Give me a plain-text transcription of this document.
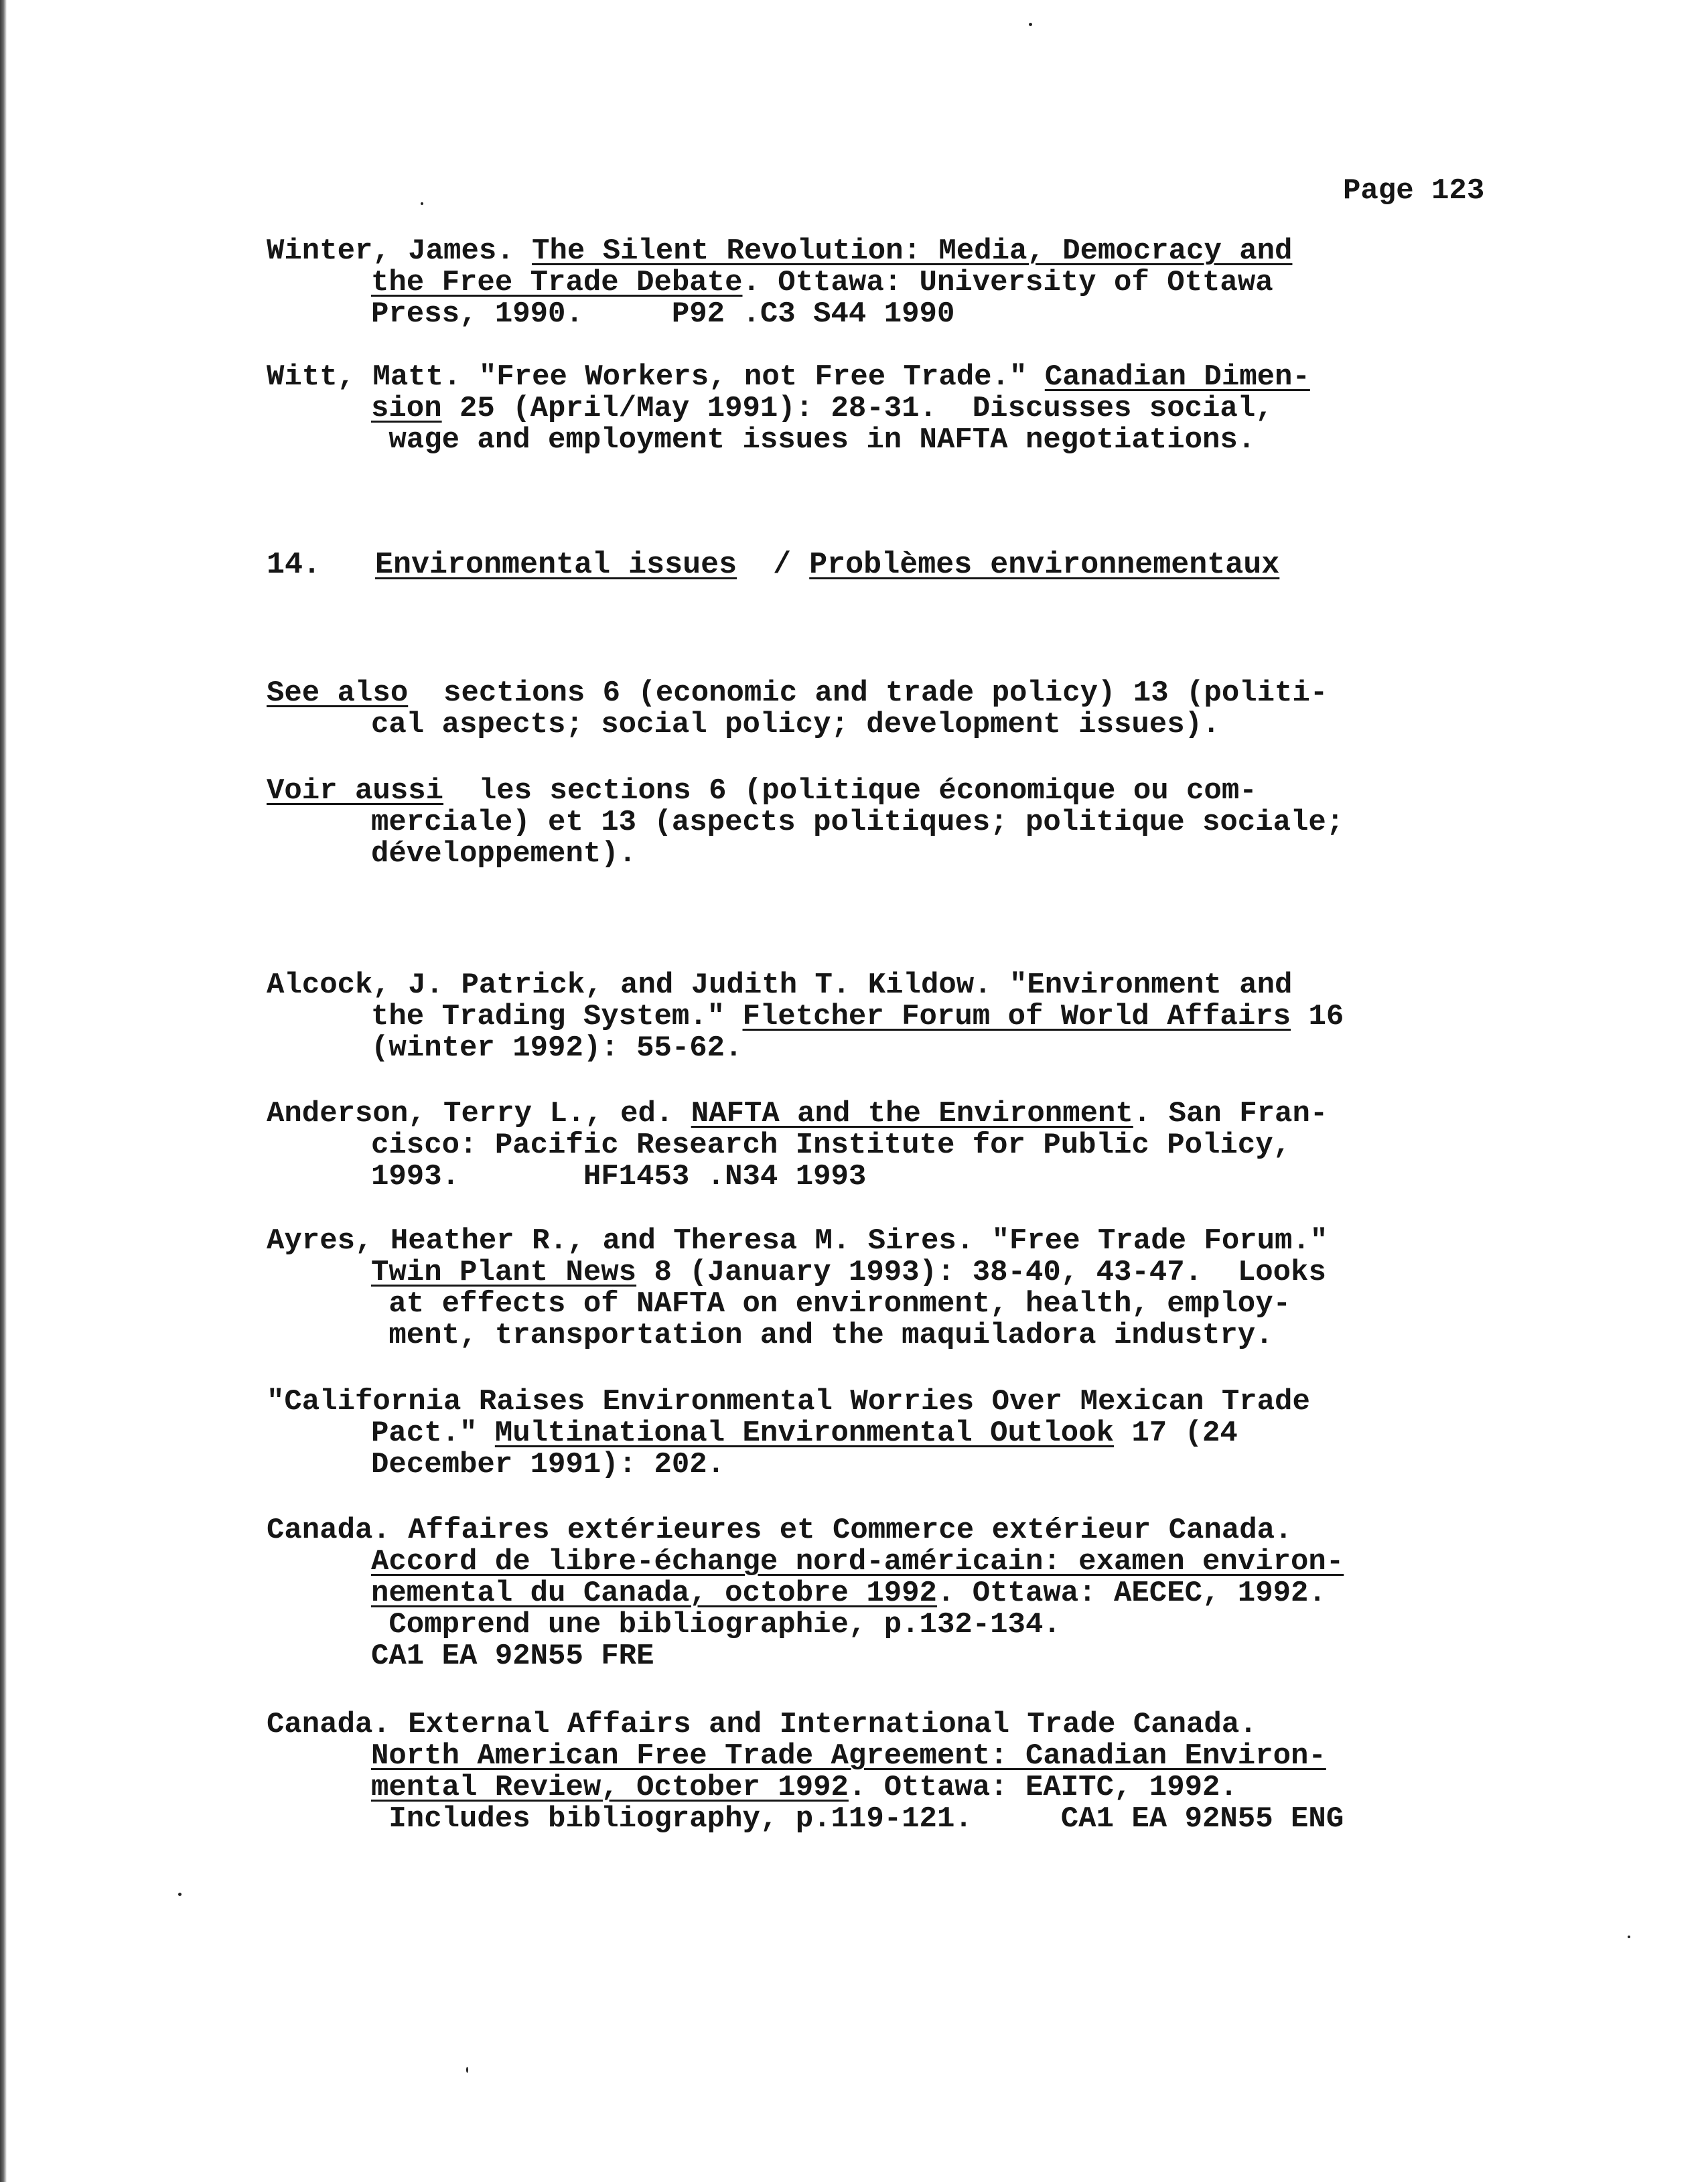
Page 123

Winter, James. The Silent Revolution: Media, Democracy and
the Free Trade Debate. Ottawa: University of Ottawa
Press, 1990.     P92 .C3 S44 1990

Witt, Matt. "Free Workers, not Free Trade." Canadian Dimen-
sion 25 (April/May 1991): 28-31.  Discusses social,
wage and employment issues in NAFTA negotiations.

14. Environmental issues / Problèmes environnementaux

See also  sections 6 (economic and trade policy) 13 (politi-
cal aspects; social policy; development issues).

Voir aussi  les sections 6 (politique économique ou com-
merciale) et 13 (aspects politiques; politique sociale;
développement).

Alcock, J. Patrick, and Judith T. Kildow. "Environment and
the Trading System." Fletcher Forum of World Affairs 16
(winter 1992): 55-62.

Anderson, Terry L., ed. NAFTA and the Environment. San Fran-
cisco: Pacific Research Institute for Public Policy,
1993.       HF1453 .N34 1993

Ayres, Heather R., and Theresa M. Sires. "Free Trade Forum."
Twin Plant News 8 (January 1993): 38-40, 43-47.  Looks
at effects of NAFTA on environment, health, employ-
ment, transportation and the maquiladora industry.

"California Raises Environmental Worries Over Mexican Trade
Pact." Multinational Environmental Outlook 17 (24
December 1991): 202.

Canada. Affaires extérieures et Commerce extérieur Canada.
Accord de libre-échange nord-américain: examen environ-
nemental du Canada, octobre 1992. Ottawa: AECEC, 1992.
Comprend une bibliographie, p.132-134.
CA1 EA 92N55 FRE

Canada. External Affairs and International Trade Canada.
North American Free Trade Agreement: Canadian Environ-
mental Review, October 1992. Ottawa: EAITC, 1992.
Includes bibliography, p.119-121.     CA1 EA 92N55 ENG
